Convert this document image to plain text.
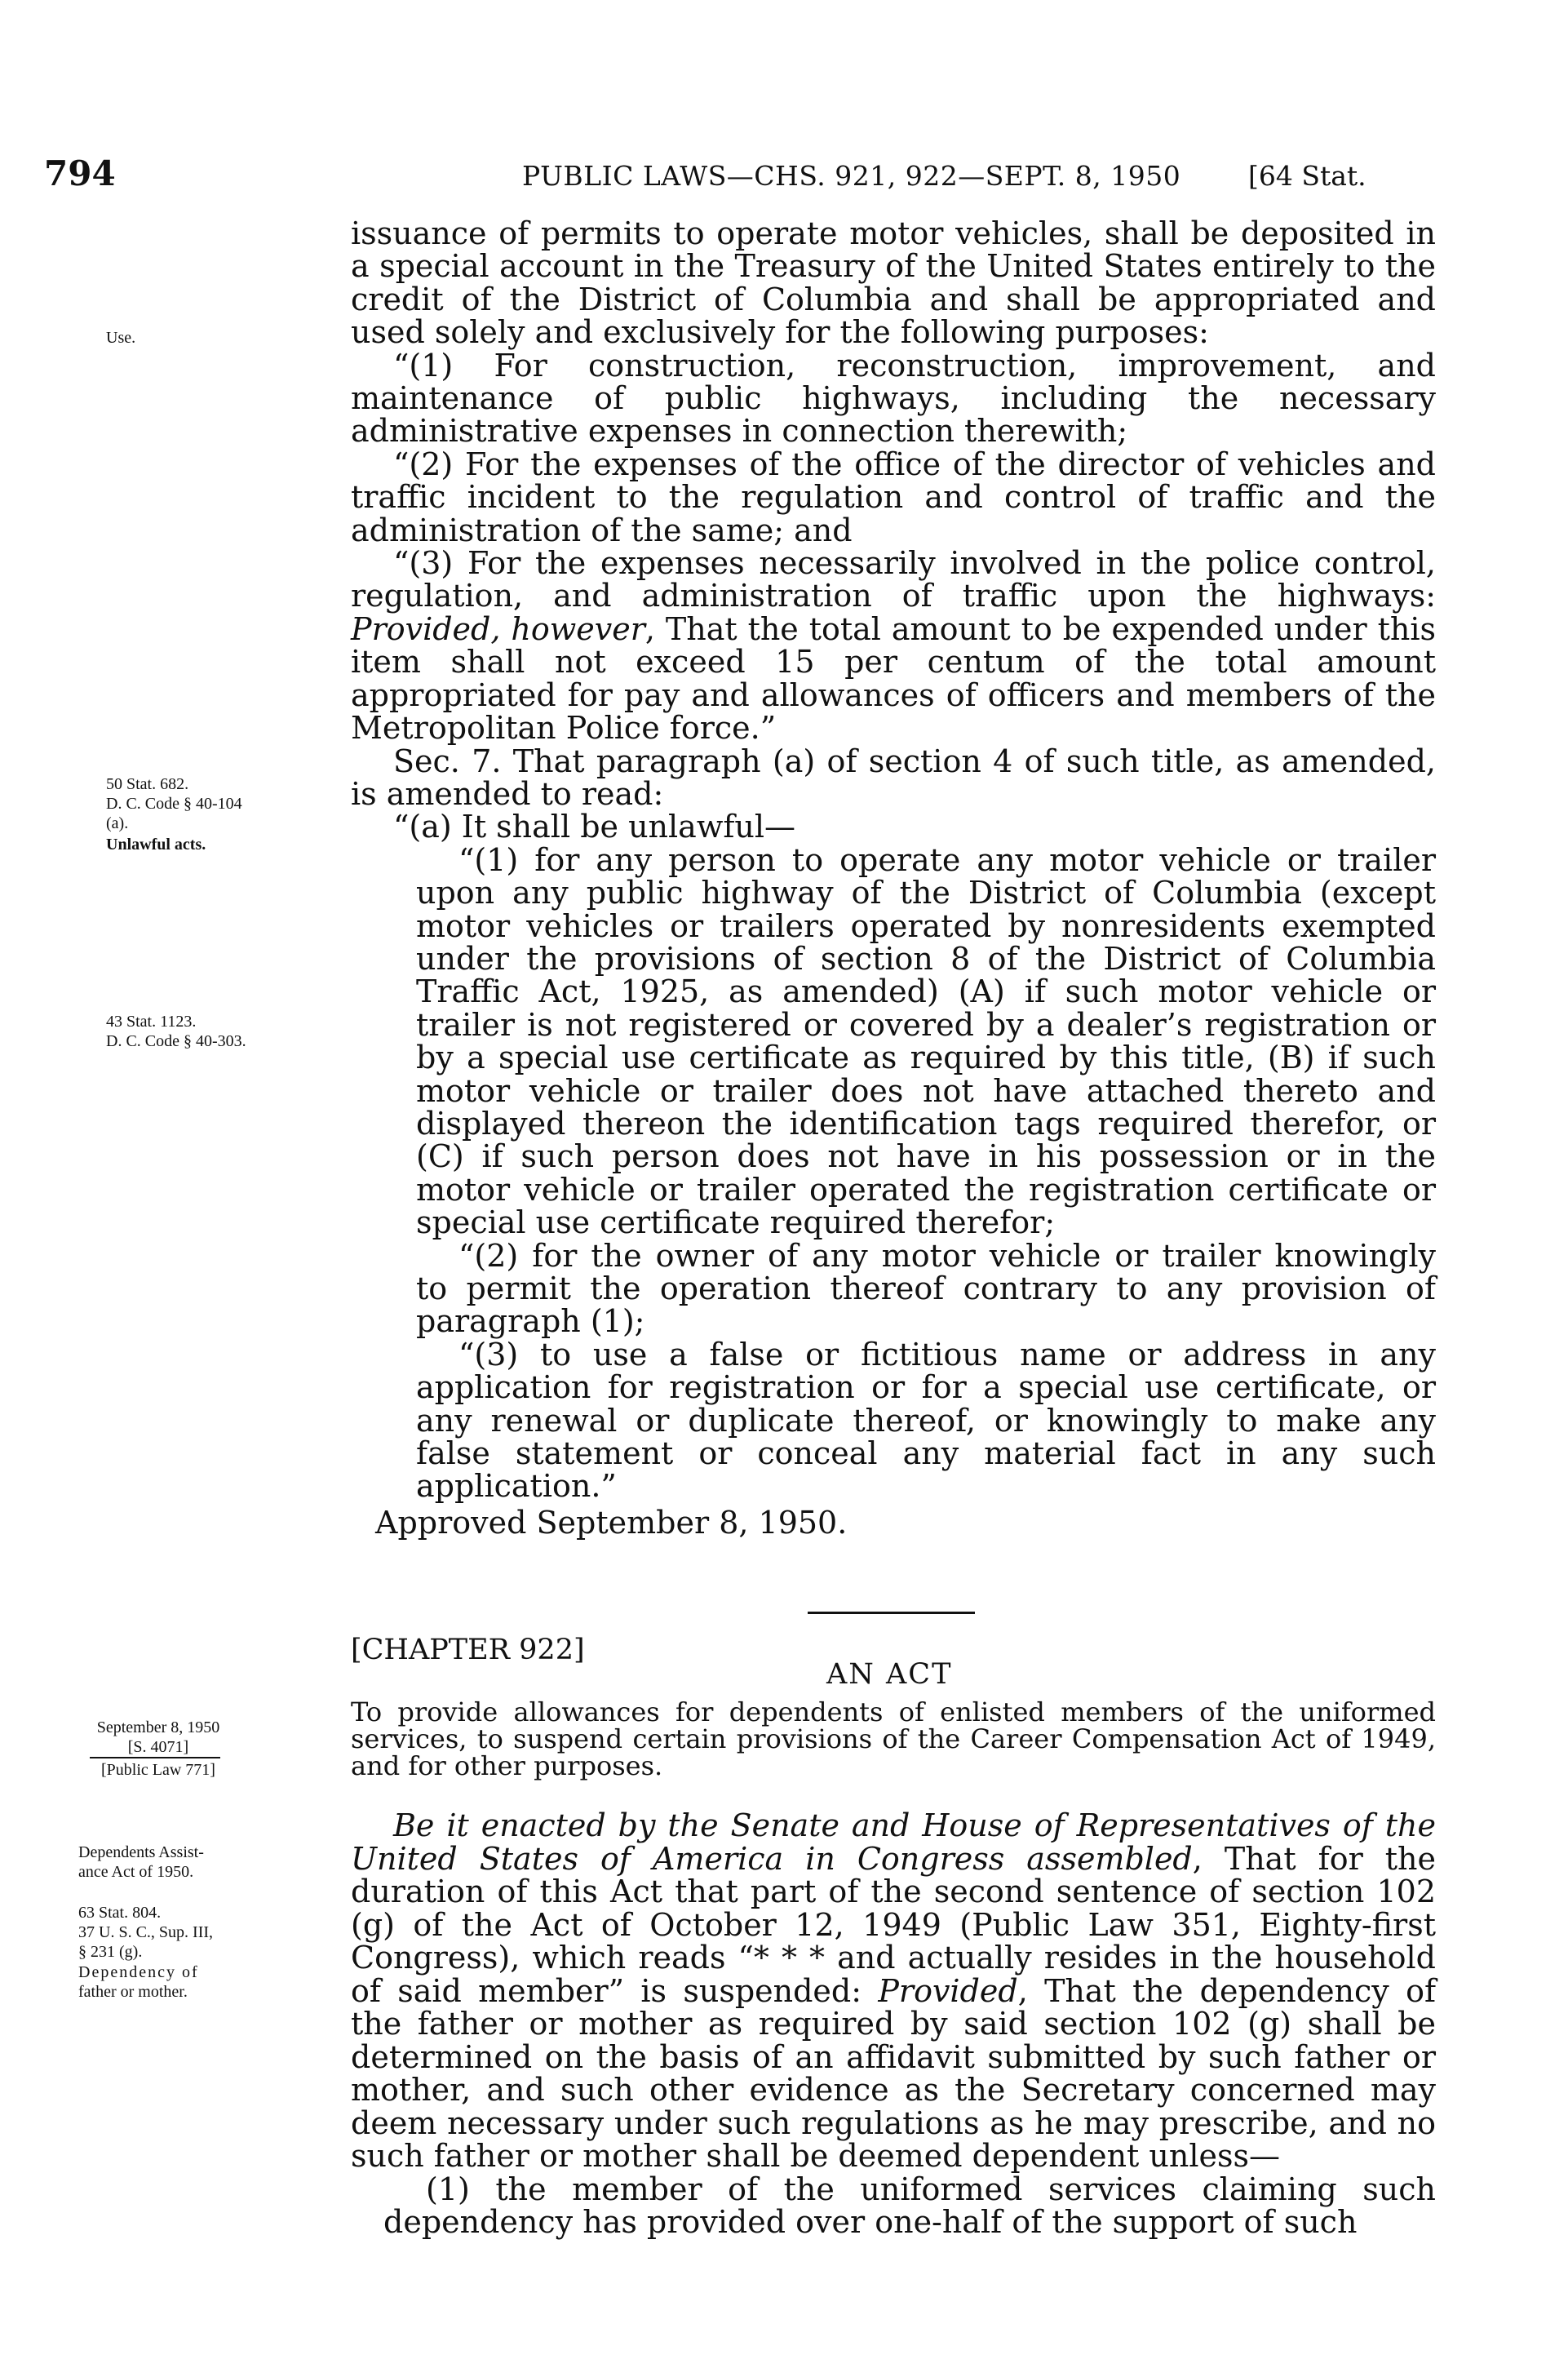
794	PUBLIC LAWS—CHS. 921, 922—SEPT. 8, 1950	[64 Stat.
Use.
50 Stat. 682.
D. C. Code § 40-104
(a).
Unlawful acts.
43 Stat. 1123.
D. C. Code § 40-303.
September 8, 1950
[S. 4071]
[Public Law 771]
Dependents Assist-
ance Act of 1950.
63 Stat. 804.
37 U. S. C., Sup. III,
§ 231 (g).
Dependency of
father or mother.

issuance of permits to operate motor vehicles, shall be deposited in a special account in the Treasury of the United States entirely to the credit of the District of Columbia and shall be appropriated and used solely and exclusively for the following purposes:

“(1) For construction, reconstruction, improvement, and maintenance of public highways, including the necessary administrative expenses in connection therewith;

“(2) For the expenses of the office of the director of vehicles and traffic incident to the regulation and control of traffic and the administration of the same; and

“(3) For the expenses necessarily involved in the police control, regulation, and administration of traffic upon the highways: Provided, however, That the total amount to be expended under this item shall not exceed 15 per centum of the total amount appropriated for pay and allowances of officers and members of the Metropolitan Police force.”

Sec. 7. That paragraph (a) of section 4 of such title, as amended, is amended to read:

“(a) It shall be unlawful—

“(1) for any person to operate any motor vehicle or trailer upon any public highway of the District of Columbia (except motor vehicles or trailers operated by nonresidents exempted under the provisions of section 8 of the District of Columbia Traffic Act, 1925, as amended) (A) if such motor vehicle or trailer is not registered or covered by a dealer’s registration or by a special use certificate as required by this title, (B) if such motor vehicle or trailer does not have attached thereto and displayed thereon the identification tags required therefor, or (C) if such person does not have in his possession or in the motor vehicle or trailer operated the registration certificate or special use certificate required therefor;

“(2) for the owner of any motor vehicle or trailer knowingly to permit the operation thereof contrary to any provision of paragraph (1);

“(3) to use a false or fictitious name or address in any application for registration or for a special use certificate, or any renewal or duplicate thereof, or knowingly to make any false statement or conceal any material fact in any such application.”

Approved September 8, 1950.

[CHAPTER 922]
AN ACT
To provide allowances for dependents of enlisted members of the uniformed services, to suspend certain provisions of the Career Compensation Act of 1949, and for other purposes.

Be it enacted by the Senate and House of Representatives of the United States of America in Congress assembled, That for the duration of this Act that part of the second sentence of section 102 (g) of the Act of October 12, 1949 (Public Law 351, Eighty-first Congress), which reads “* * * and actually resides in the household of said member” is suspended: Provided, That the dependency of the father or mother as required by said section 102 (g) shall be determined on the basis of an affidavit submitted by such father or mother, and such other evidence as the Secretary concerned may deem necessary under such regulations as he may prescribe, and no such father or mother shall be deemed dependent unless—

(1) the member of the uniformed services claiming such dependency has provided over one-half of the support of such
